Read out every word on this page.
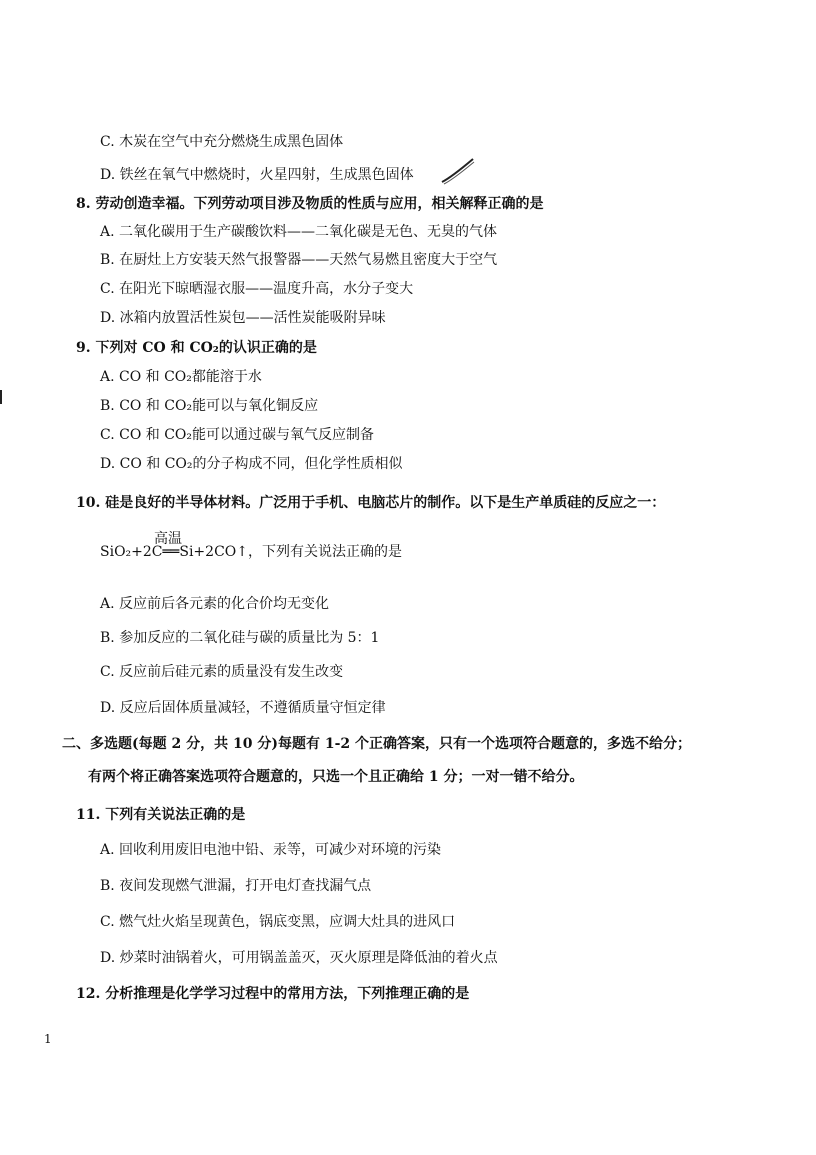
C. 木炭在空气中充分燃烧生成黑色固体
D. 铁丝在氧气中燃烧时，火星四射，生成黑色固体
8. 劳动创造幸福。下列劳动项目涉及物质的性质与应用，相关解释正确的是
A. 二氧化碳用于生产碳酸饮料——二氧化碳是无色、无臭的气体
B. 在厨灶上方安装天然气报警器——天然气易燃且密度大于空气
C. 在阳光下晾晒湿衣服——温度升高，水分子变大
D. 冰箱内放置活性炭包——活性炭能吸附异味
9. 下列对 CO 和 CO₂的认识正确的是
A. CO 和 CO₂都能溶于水
B. CO 和 CO₂能可以与氧化铜反应
C. CO 和 CO₂能可以通过碳与氧气反应制备
D. CO 和 CO₂的分子构成不同，但化学性质相似
10. 硅是良好的半导体材料。广泛用于手机、电脑芯片的制作。以下是生产单质硅的反应之一：
高温
SiO₂+2C══Si+2CO↑，下列有关说法正确的是
A. 反应前后各元素的化合价均无变化
B. 参加反应的二氧化硅与碳的质量比为 5：1
C. 反应前后硅元素的质量没有发生改变
D. 反应后固体质量减轻，不遵循质量守恒定律
二、多选题(每题 2 分，共 10 分)每题有 1-2 个正确答案，只有一个选项符合题意的，多选不给分；
有两个将正确答案选项符合题意的，只选一个且正确给 1 分；一对一错不给分。
11. 下列有关说法正确的是
A. 回收利用废旧电池中铅、汞等，可减少对环境的污染
B. 夜间发现燃气泄漏，打开电灯查找漏气点
C. 燃气灶火焰呈现黄色，锅底变黑，应调大灶具的进风口
D. 炒菜时油锅着火，可用锅盖盖灭，灭火原理是降低油的着火点
12. 分析推理是化学学习过程中的常用方法，下列推理正确的是
1
